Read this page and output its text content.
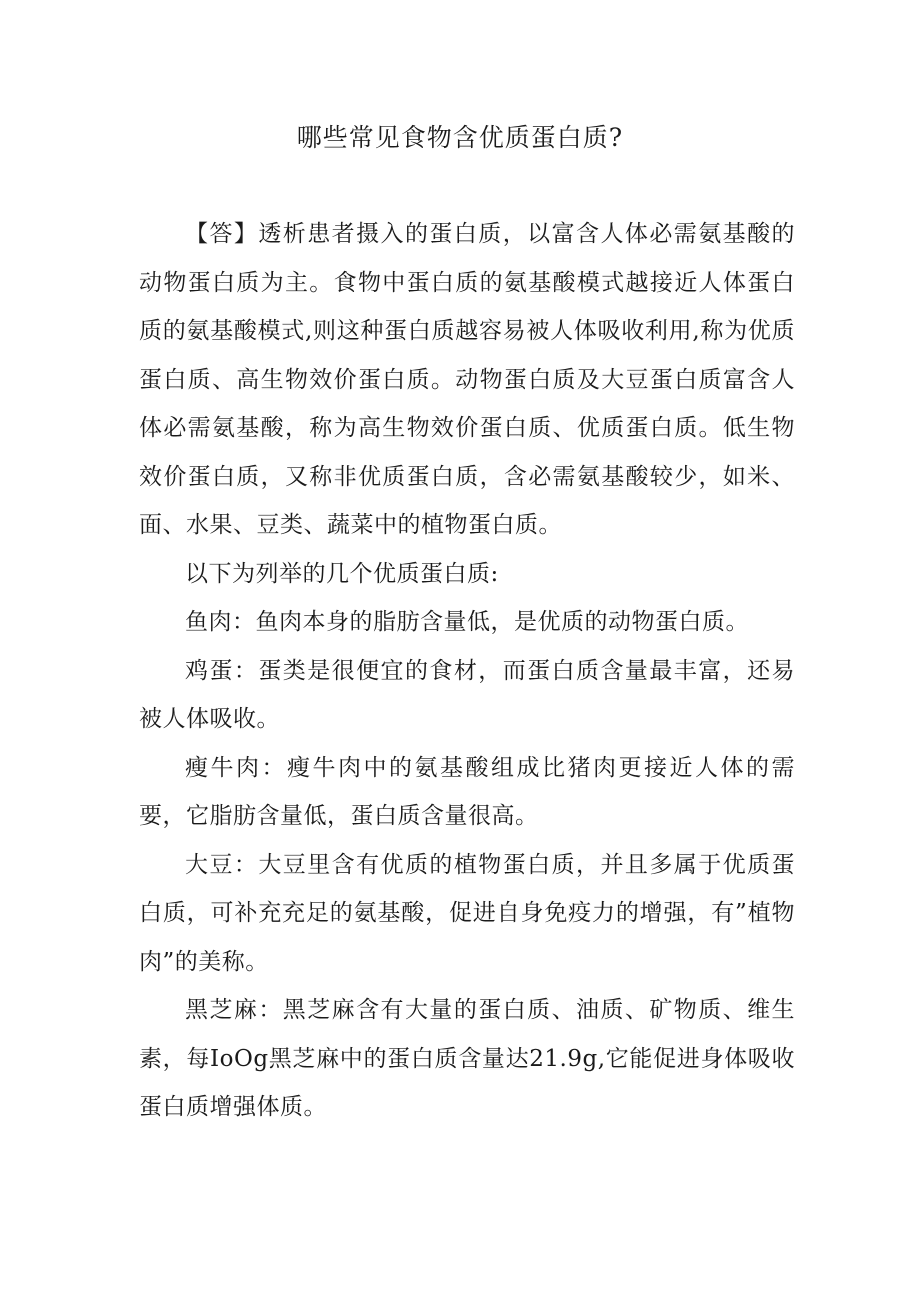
哪些常见食物含优质蛋白质?

【答】透析患者摄入的蛋白质，以富含人体必需氨基酸的动物蛋白质为主。食物中蛋白质的氨基酸模式越接近人体蛋白质的氨基酸模式,则这种蛋白质越容易被人体吸收利用,称为优质蛋白质、高生物效价蛋白质。动物蛋白质及大豆蛋白质富含人体必需氨基酸，称为高生物效价蛋白质、优质蛋白质。低生物效价蛋白质，又称非优质蛋白质，含必需氨基酸较少，如米、面、水果、豆类、蔬菜中的植物蛋白质。

以下为列举的几个优质蛋白质:

鱼肉：鱼肉本身的脂肪含量低，是优质的动物蛋白质。

鸡蛋：蛋类是很便宜的食材，而蛋白质含量最丰富，还易被人体吸收。

瘦牛肉：瘦牛肉中的氨基酸组成比猪肉更接近人体的需要，它脂肪含量低，蛋白质含量很高。

大豆：大豆里含有优质的植物蛋白质，并且多属于优质蛋白质，可补充充足的氨基酸，促进自身免疫力的增强，有”植物肉”的美称。

黑芝麻：黑芝麻含有大量的蛋白质、油质、矿物质、维生素，每IoOg黑芝麻中的蛋白质含量达21.9g,它能促进身体吸收蛋白质增强体质。
